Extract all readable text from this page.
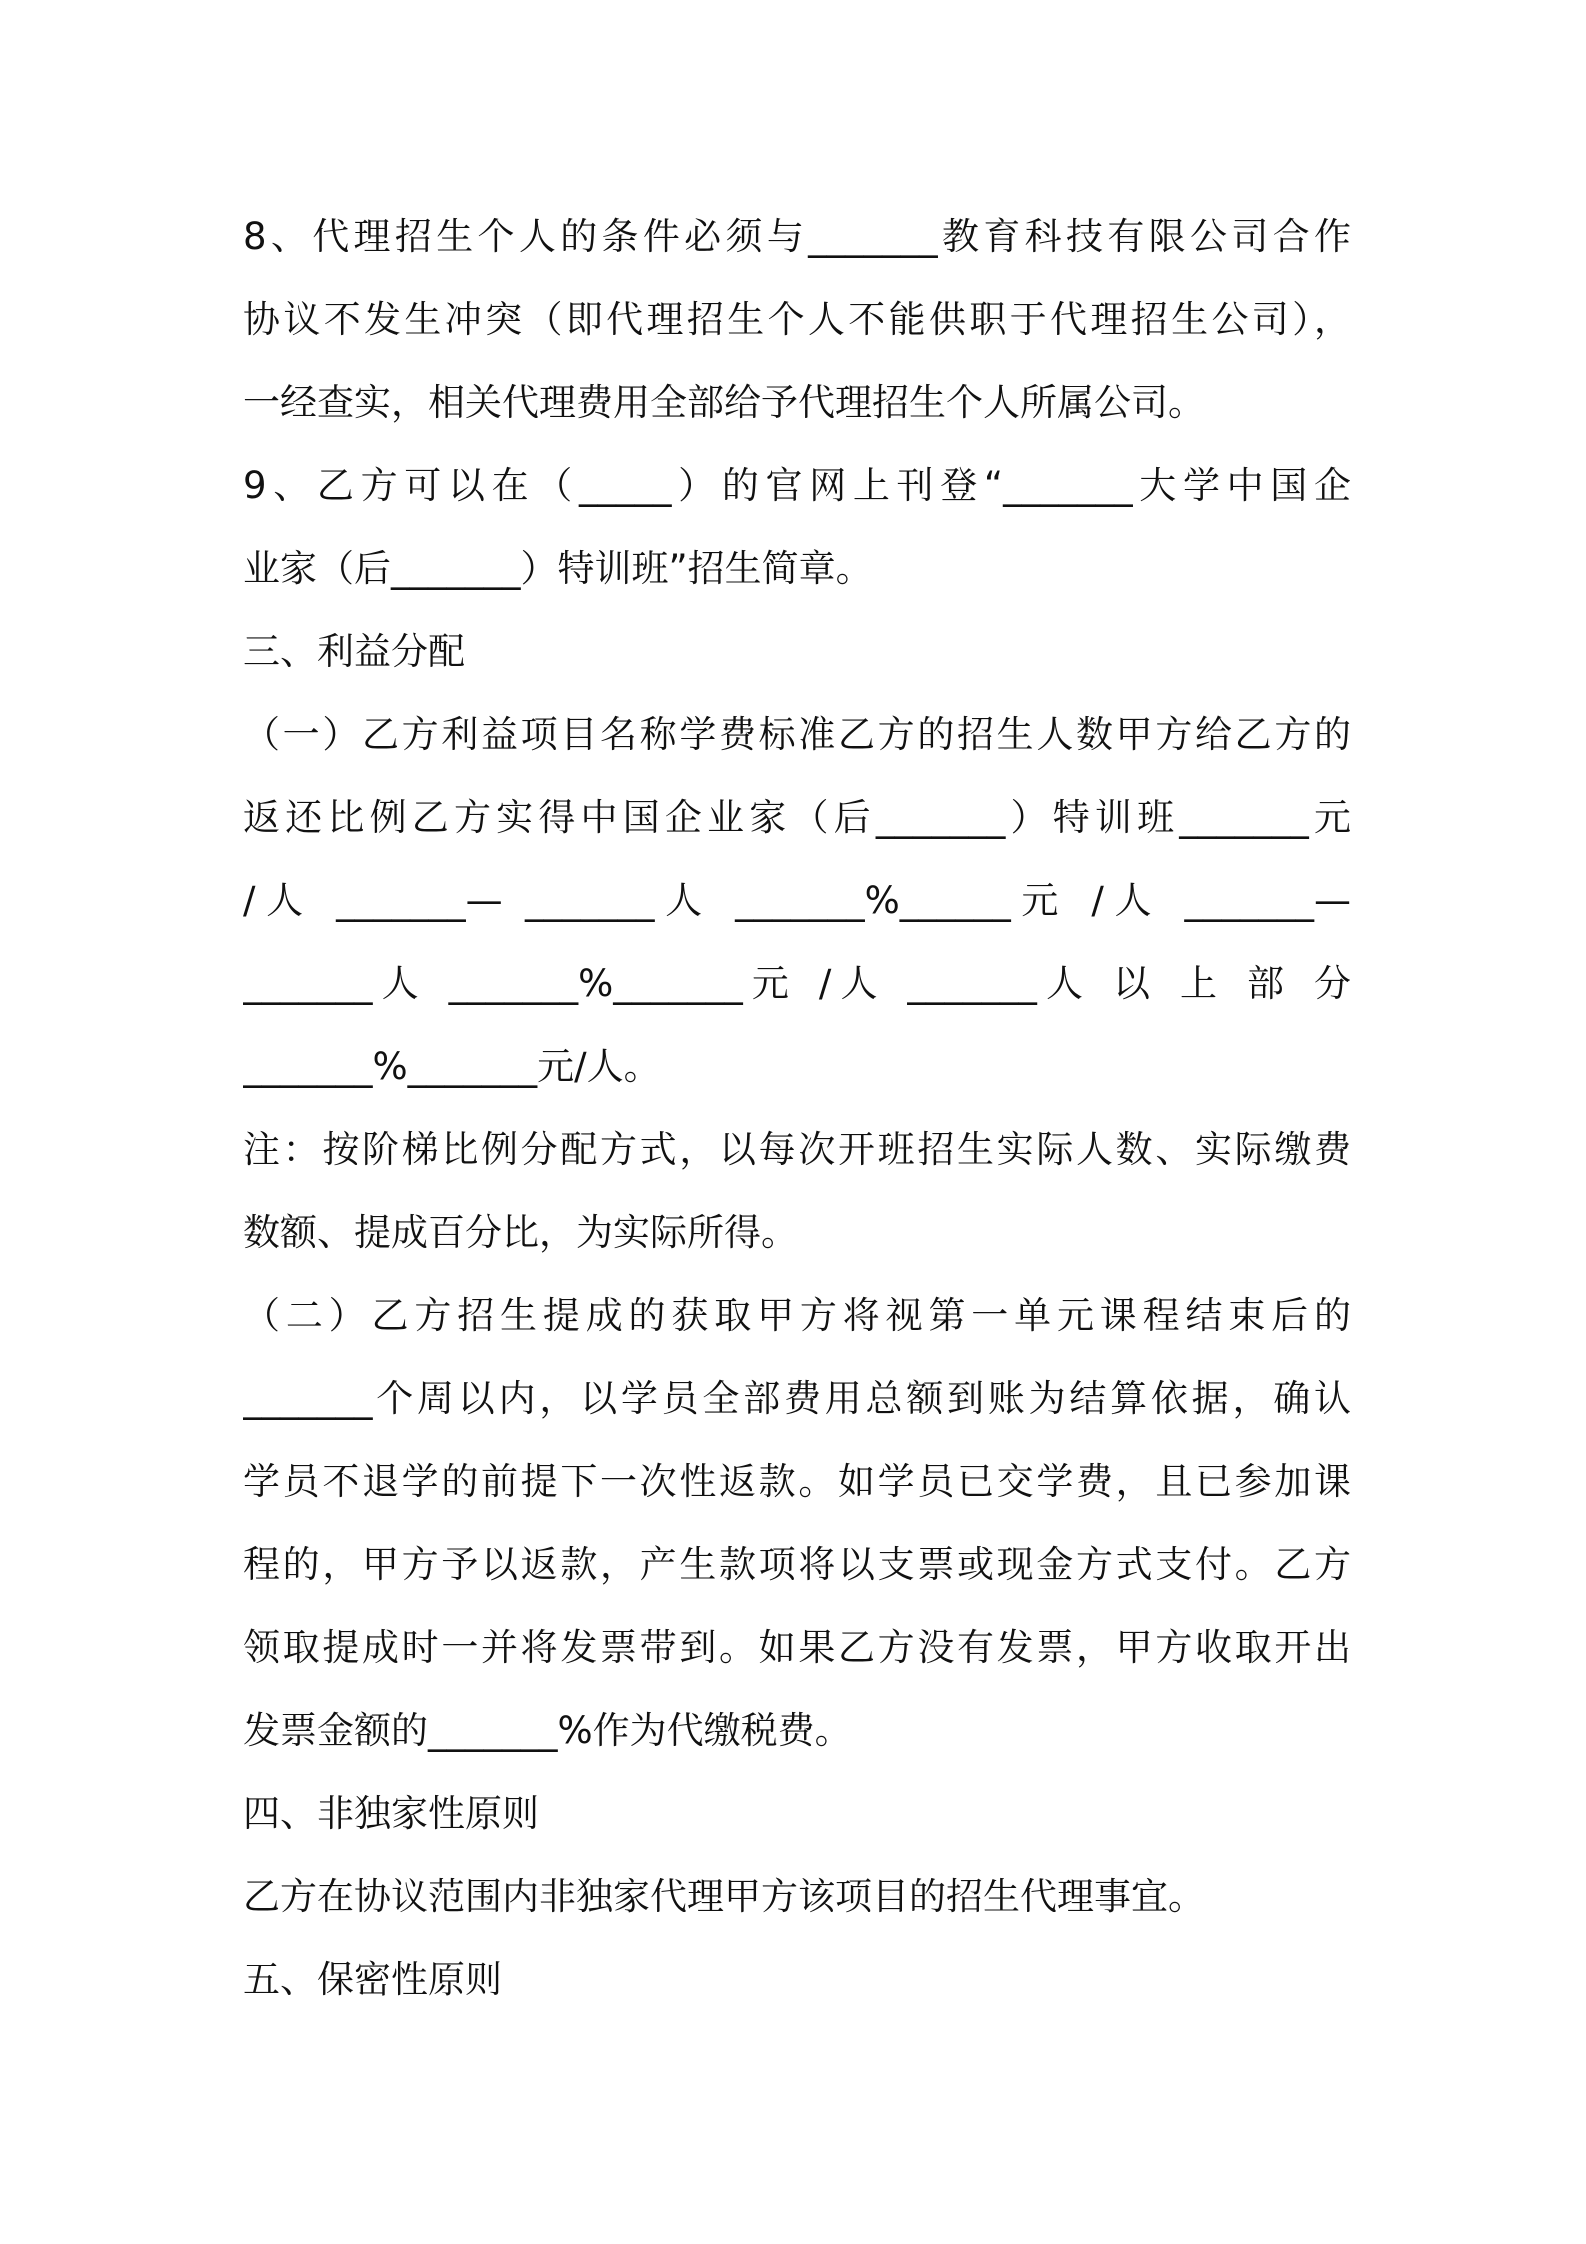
8、代理招生个人的条件必须与_______教育科技有限公司合作
协议不发生冲突（即代理招生个人不能供职于代理招生公司），
一经查实，相关代理费用全部给予代理招生个人所属公司。
9、乙方可以在（_____）的官网上刊登“_______大学中国企
业家（后_______）特训班”招生简章。
三、利益分配
（一）乙方利益项目名称学费标准乙方的招生人数甲方给乙方的
返还比例乙方实得中国企业家（后_______）特训班_______元
/人 _______— _______人 _______%______元 /人 _______—
_______人 _______%_______元 /人 _______人 以 上 部 分
_______%_______元/人。
注：按阶梯比例分配方式，以每次开班招生实际人数、实际缴费
数额、提成百分比，为实际所得。
（二）乙方招生提成的获取甲方将视第一单元课程结束后的
_______个周以内，以学员全部费用总额到账为结算依据，确认
学员不退学的前提下一次性返款。如学员已交学费，且已参加课
程的，甲方予以返款，产生款项将以支票或现金方式支付。乙方
领取提成时一并将发票带到。如果乙方没有发票，甲方收取开出
发票金额的_______%作为代缴税费。
四、非独家性原则
乙方在协议范围内非独家代理甲方该项目的招生代理事宜。
五、保密性原则
